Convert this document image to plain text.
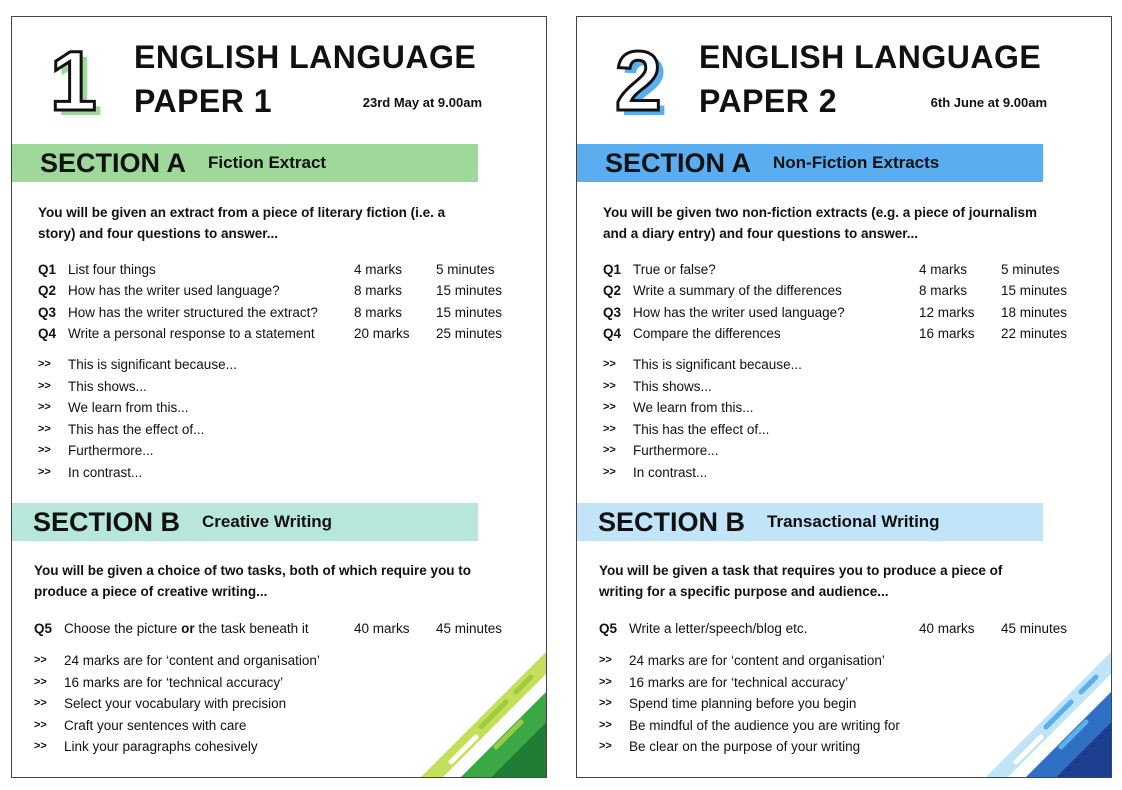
1 ENGLISH LANGUAGE
PAPER 1	23rd May at 9.00am
SECTION A Fiction Extract
You will be given an extract from a piece of literary fiction (i.e. a story) and four questions to answer...
Q1 List four things	4 marks	5 minutes
Q2 How has the writer used language?	8 marks	15 minutes
Q3 How has the writer structured the extract?	8 marks	15 minutes
Q4 Write a personal response to a statement	20 marks 25 minutes
>> This is significant because...
>> This shows...
>> We learn from this...
>> This has the effect of...
>> Furthermore...
>> In contrast...
SECTION B Creative Writing
You will be given a choice of two tasks, both of which require you to produce a piece of creative writing...
Q5 Choose the picture or the task beneath it	40 marks 45 minutes
>> 24 marks are for ‘content and organisation’
>> 16 marks are for ‘technical accuracy’
>> Select your vocabulary with precision
>> Craft your sentences with care
>> Link your paragraphs cohesively
2 ENGLISH LANGUAGE
PAPER 2	6th June at 9.00am
SECTION A Non-Fiction Extracts
You will be given two non-fiction extracts (e.g. a piece of journalism and a diary entry) and four questions to answer...
Q1 True or false?	4 marks	5 minutes
Q2 Write a summary of the differences	8 marks	15 minutes
Q3 How has the writer used language?	12 marks 18 minutes
Q4 Compare the differences	16 marks 22 minutes
>> This is significant because...
>> This shows...
>> We learn from this...
>> This has the effect of...
>> Furthermore...
>> In contrast...
SECTION B Transactional Writing
You will be given a task that requires you to produce a piece of writing for a specific purpose and audience...
Q5 Write a letter/speech/blog etc.	40 marks 45 minutes
>> 24 marks are for ‘content and organisation’
>> 16 marks are for ‘technical accuracy’
>> Spend time planning before you begin
>> Be mindful of the audience you are writing for
>> Be clear on the purpose of your writing
